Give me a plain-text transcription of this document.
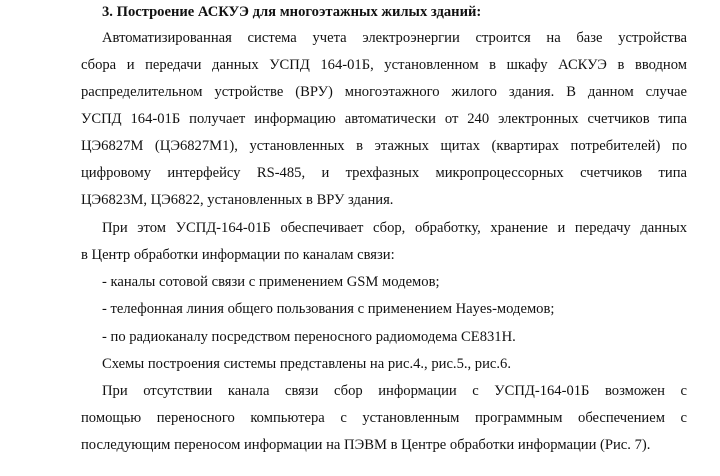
3. Построение АСКУЭ для многоэтажных жилых зданий:
Автоматизированная система учета электроэнергии строится на базе устройства
сбора и передачи данных УСПД 164-01Б, установленном в шкафу АСКУЭ в вводном
распределительном устройстве (ВРУ) многоэтажного жилого здания. В данном случае
УСПД 164-01Б получает информацию автоматически от 240 электронных счетчиков типа
ЦЭ6827М (ЦЭ6827М1), установленных в этажных щитах (квартирах потребителей) по
цифровому интерфейсу RS-485, и трехфазных микропроцессорных счетчиков типа
ЦЭ6823М, ЦЭ6822, установленных в ВРУ здания.
При этом УСПД-164-01Б обеспечивает сбор, обработку, хранение и передачу данных
в Центр обработки информации по каналам связи:
- каналы сотовой связи с применением GSM модемов;
- телефонная линия общего пользования с применением Hayes-модемов;
- по радиоканалу посредством переносного радиомодема CE831H.
Схемы построения системы представлены на рис.4., рис.5., рис.6.
При отсутствии канала связи сбор информации с УСПД-164-01Б возможен с
помощью переносного компьютера с установленным программным обеспечением с
последующим переносом информации на ПЭВМ в Центре обработки информации (Рис. 7).
